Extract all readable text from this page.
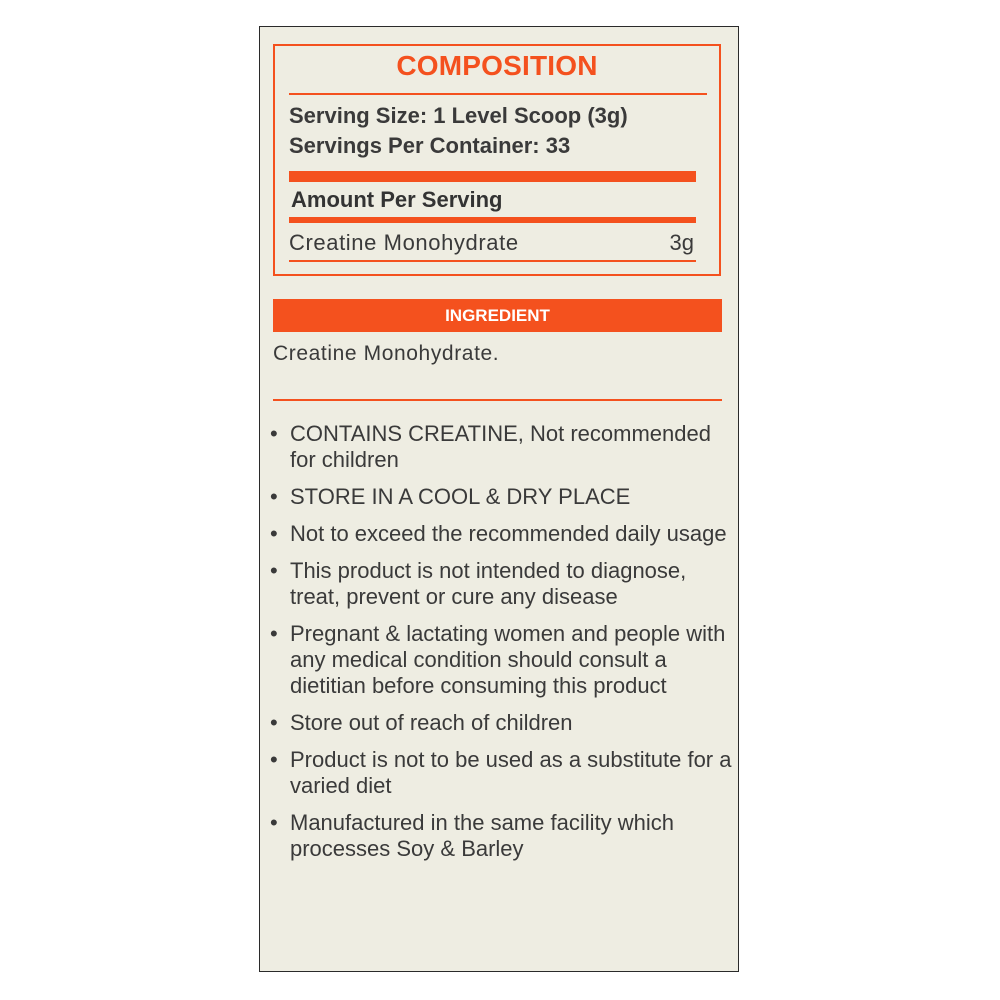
COMPOSITION
Serving Size: 1 Level Scoop (3g)
Servings Per Container: 33
Amount Per Serving
Creatine Monohydrate	3g
INGREDIENT
Creatine Monohydrate.
• CONTAINS CREATINE, Not recommended for children
• STORE IN A COOL & DRY PLACE
• Not to exceed the recommended daily usage
• This product is not intended to diagnose, treat, prevent or cure any disease
• Pregnant & lactating women and people with any medical condition should consult a dietitian before consuming this product
• Store out of reach of children
• Product is not to be used as a substitute for a varied diet
• Manufactured in the same facility which processes Soy & Barley
